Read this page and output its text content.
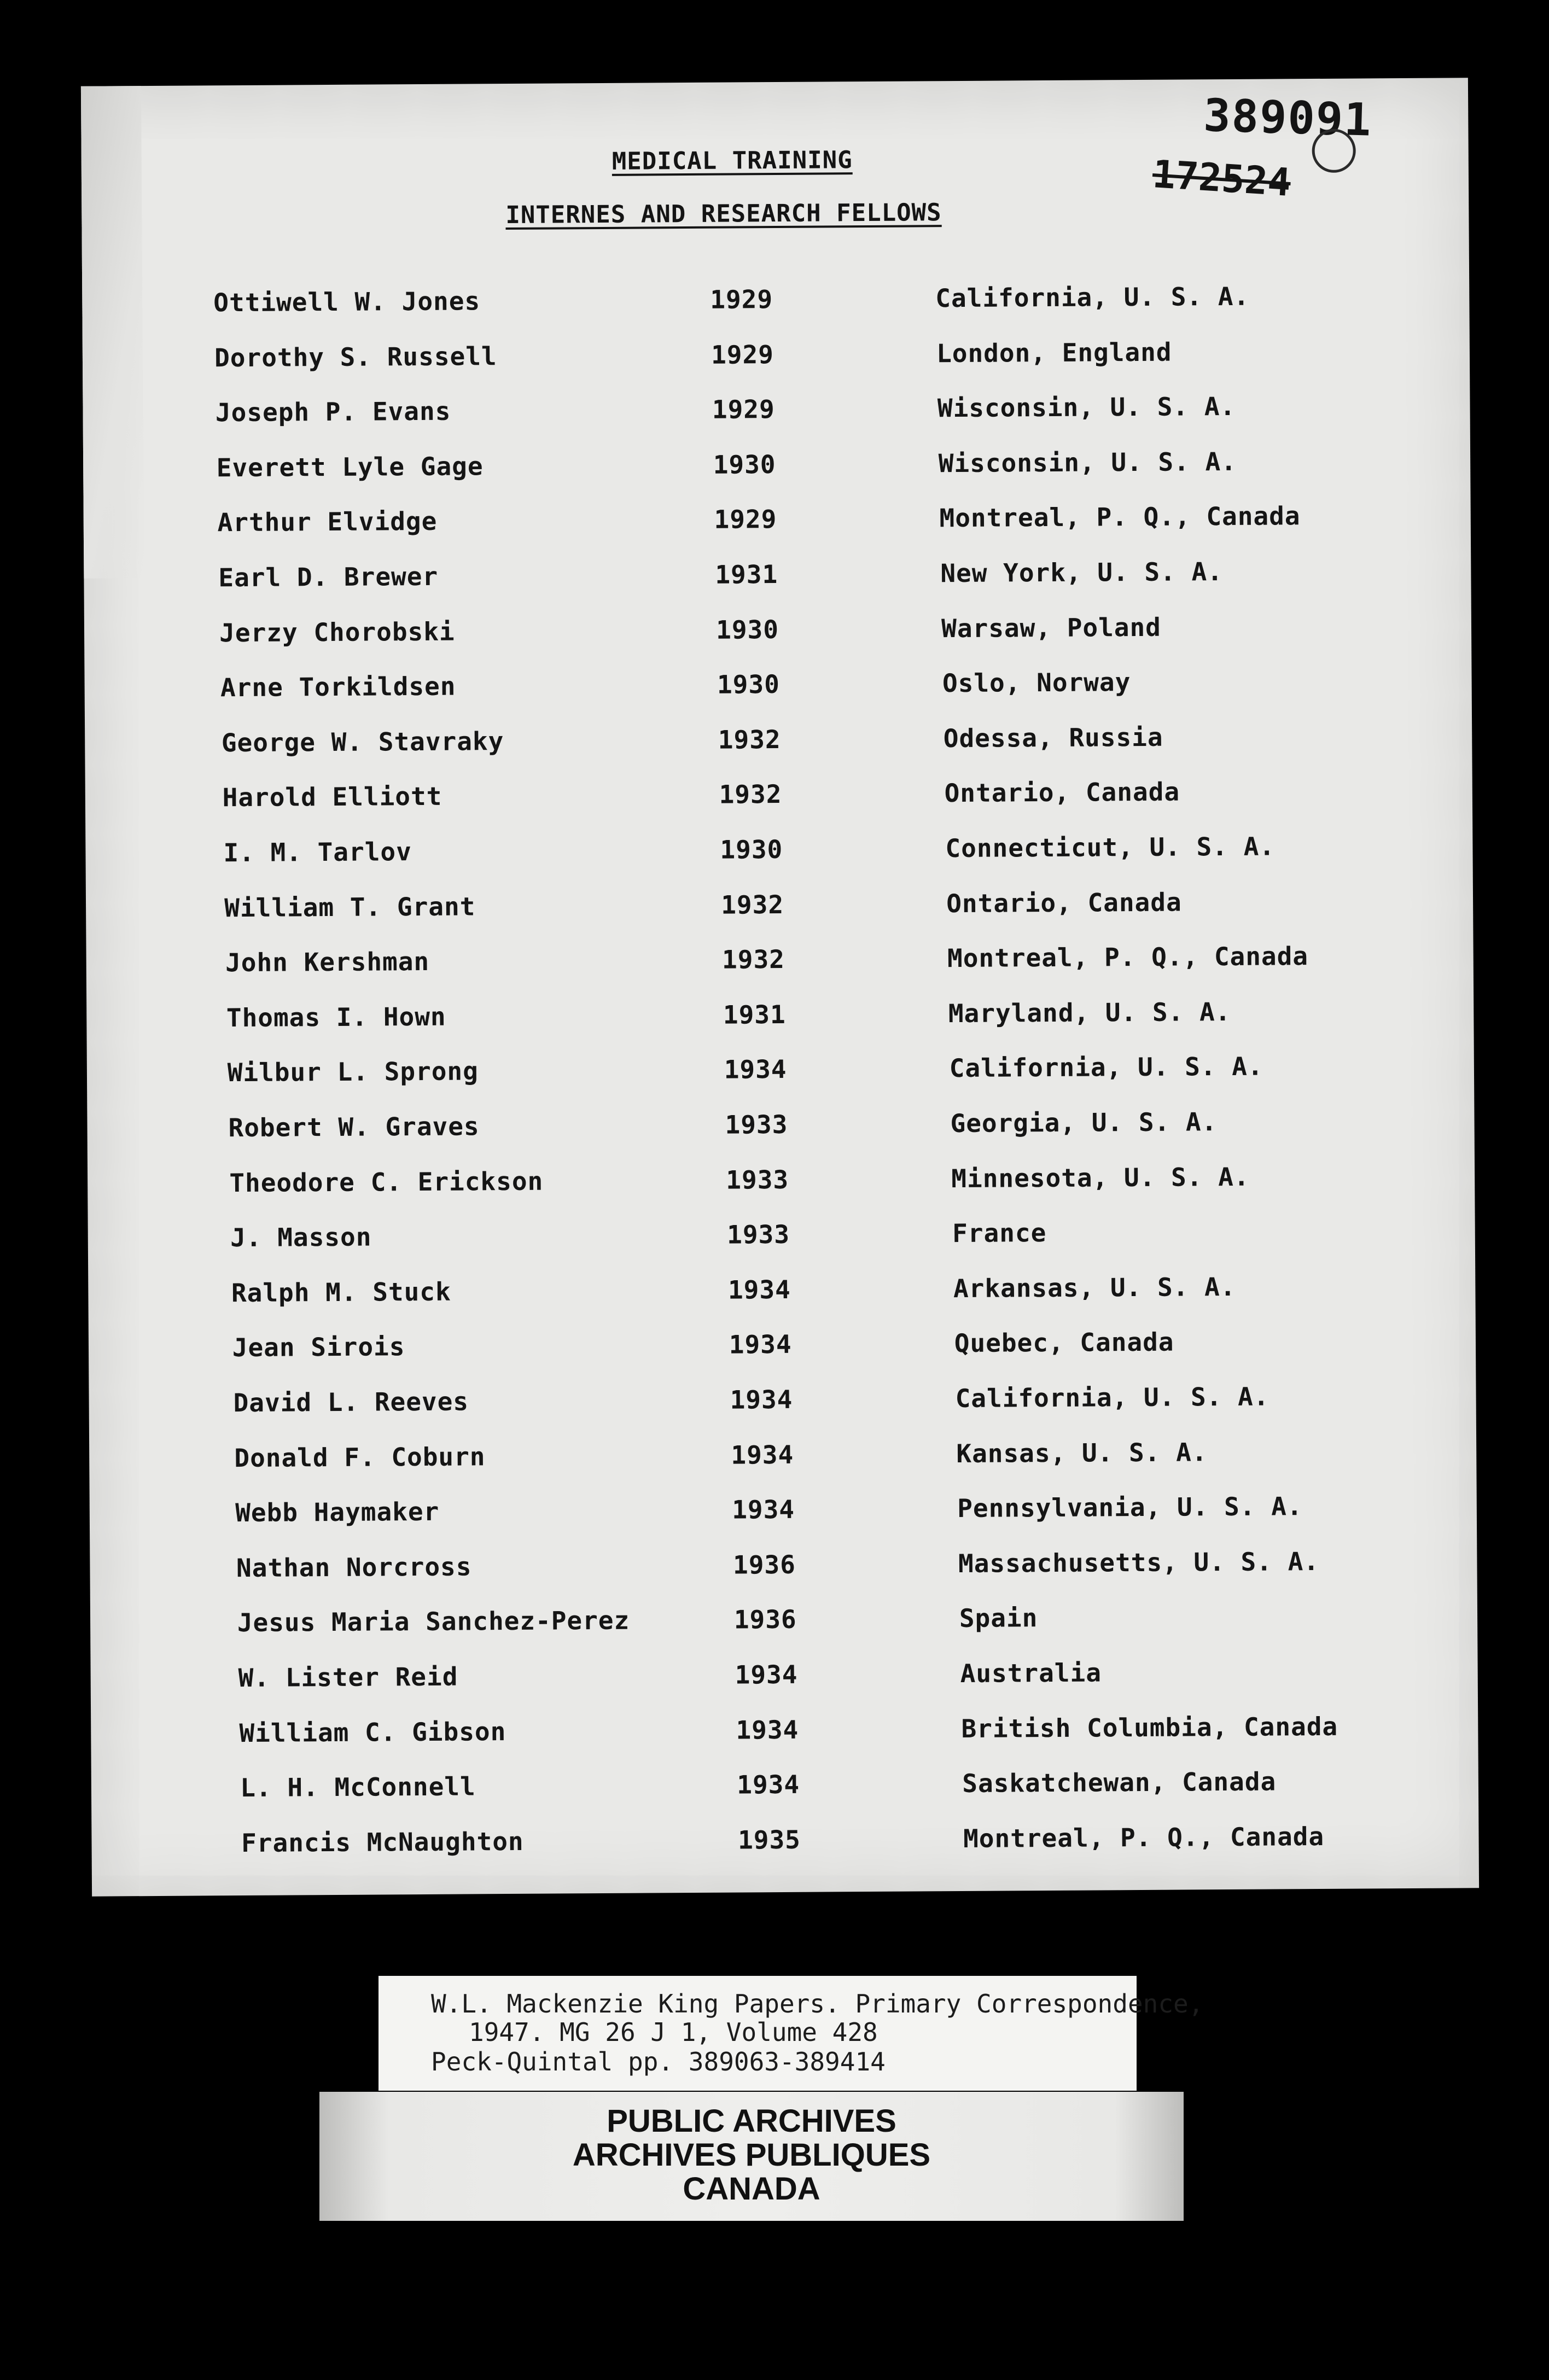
389091
172524
MEDICAL TRAINING
INTERNES AND RESEARCH FELLOWS
Ottiwell W. Jones	1929	California, U. S. A.
Dorothy S. Russell	1929	London, England
Joseph P. Evans	1929	Wisconsin, U. S. A.
Everett Lyle Gage	1930	Wisconsin, U. S. A.
Arthur Elvidge	1929	Montreal, P. Q., Canada
Earl D. Brewer	1931	New York, U. S. A.
Jerzy Chorobski	1930	Warsaw, Poland
Arne Torkildsen	1930	Oslo, Norway
George W. Stavraky	1932	Odessa, Russia
Harold Elliott	1932	Ontario, Canada
I. M. Tarlov	1930	Connecticut, U. S. A.
William T. Grant	1932	Ontario, Canada
John Kershman	1932	Montreal, P. Q., Canada
Thomas I. Hown	1931	Maryland, U. S. A.
Wilbur L. Sprong	1934	California, U. S. A.
Robert W. Graves	1933	Georgia, U. S. A.
Theodore C. Erickson	1933	Minnesota, U. S. A.
J. Masson	1933	France
Ralph M. Stuck	1934	Arkansas, U. S. A.
Jean Sirois	1934	Quebec, Canada
David L. Reeves	1934	California, U. S. A.
Donald F. Coburn	1934	Kansas, U. S. A.
Webb Haymaker	1934	Pennsylvania, U. S. A.
Nathan Norcross	1936	Massachusetts, U. S. A.
Jesus Maria Sanchez-Perez	1936	Spain
W. Lister Reid	1934	Australia
William C. Gibson	1934	British Columbia, Canada
L. H. McConnell	1934	Saskatchewan, Canada
Francis McNaughton	1935	Montreal, P. Q., Canada
W.L. Mackenzie King Papers. Primary Correspondence,
1947. MG 26 J 1, Volume 428
Peck-Quintal pp. 389063-389414
PUBLIC ARCHIVES
ARCHIVES PUBLIQUES
CANADA
